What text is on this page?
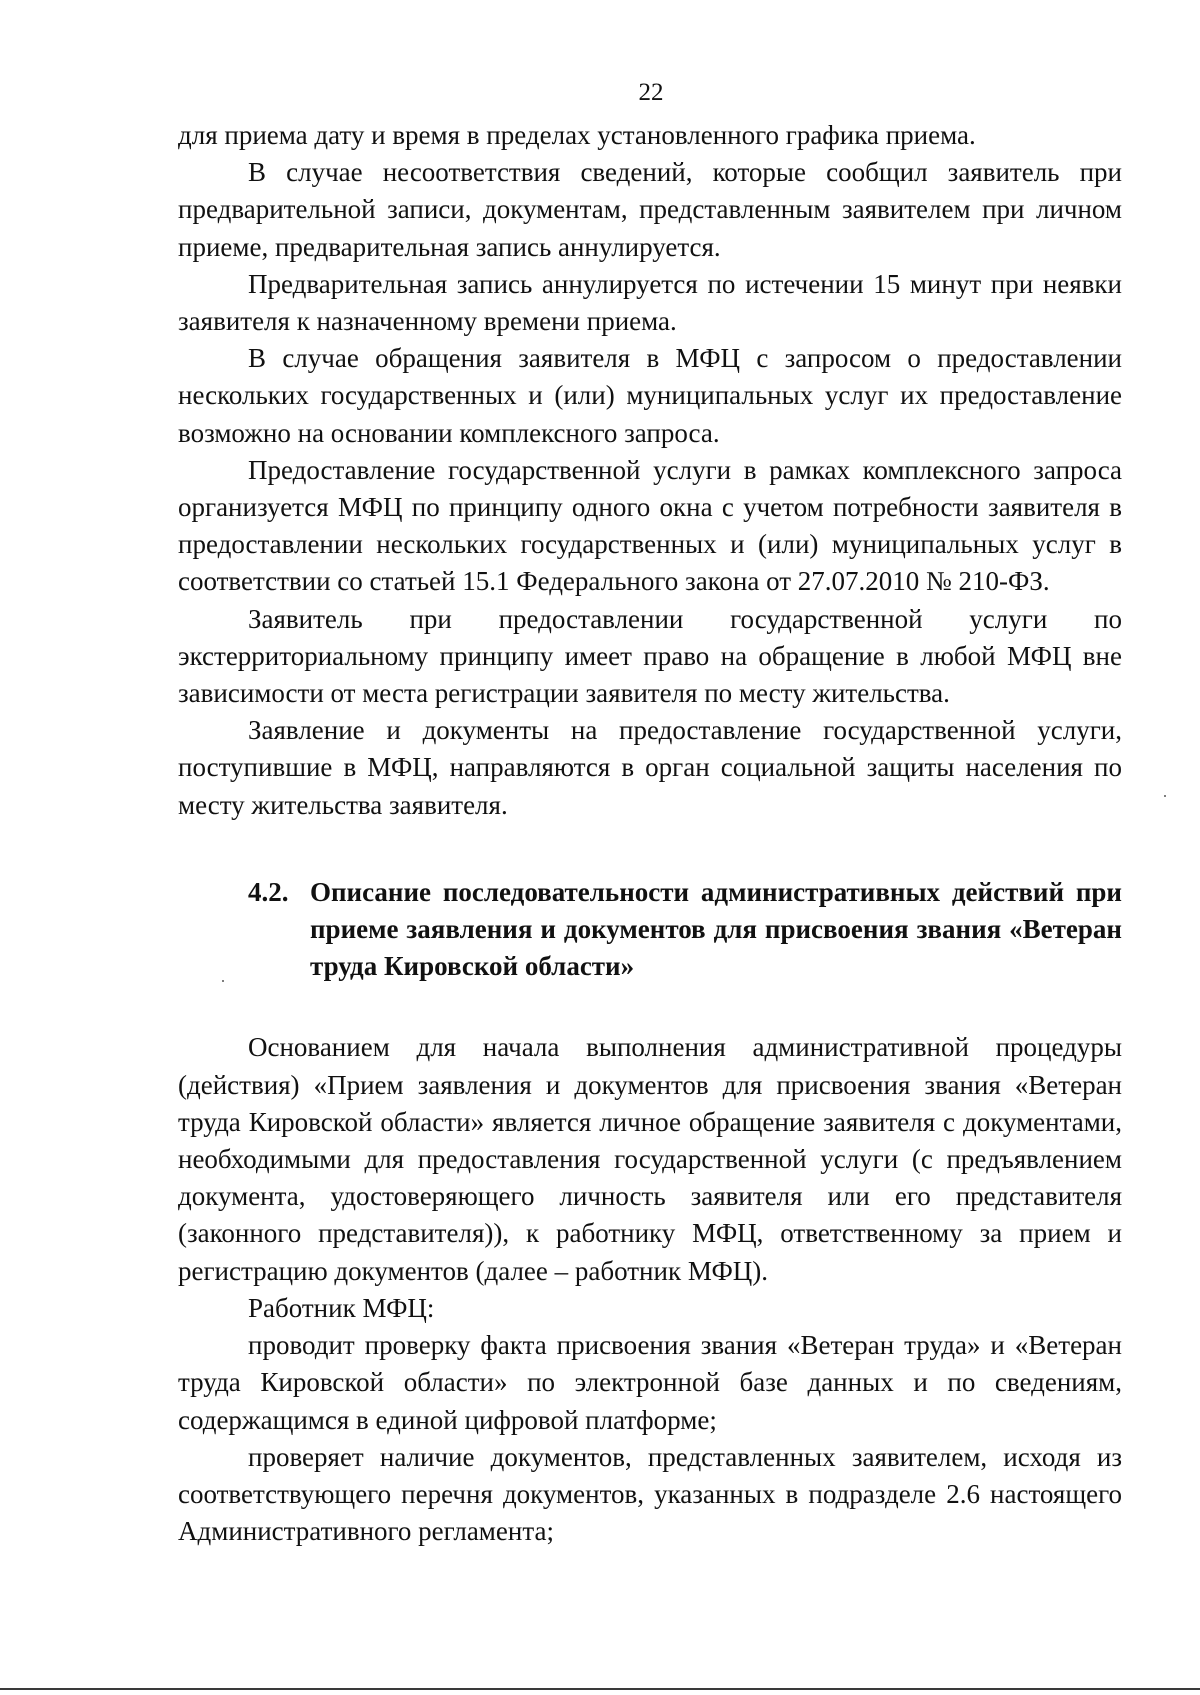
22

для приема дату и время в пределах установленного графика приема.

В случае несоответствия сведений, которые сообщил заявитель при предварительной записи, документам, представленным заявителем при личном приеме, предварительная запись аннулируется.

Предварительная запись аннулируется по истечении 15 минут при неявки заявителя к назначенному времени приема.

В случае обращения заявителя в МФЦ с запросом о предоставлении нескольких государственных и (или) муниципальных услуг их предоставление возможно на основании комплексного запроса.

Предоставление государственной услуги в рамках комплексного запроса организуется МФЦ по принципу одного окна с учетом потребности заявителя в предоставлении нескольких государственных и (или) муниципальных услуг в соответствии со статьей 15.1 Федерального закона от 27.07.2010 № 210-ФЗ.

Заявитель при предоставлении государственной услуги по экстерриториальному принципу имеет право на обращение в любой МФЦ вне зависимости от места регистрации заявителя по месту жительства.

Заявление и документы на предоставление государственной услуги, поступившие в МФЦ, направляются в орган социальной защиты населения по месту жительства заявителя.

4.2. Описание последовательности административных действий при приеме заявления и документов для присвоения звания «Ветеран труда Кировской области»

Основанием для начала выполнения административной процедуры (действия) «Прием заявления и документов для присвоения звания «Ветеран труда Кировской области» является личное обращение заявителя с документами, необходимыми для предоставления государственной услуги (с предъявлением документа, удостоверяющего личность заявителя или его представителя (законного представителя)), к работнику МФЦ, ответственному за прием и регистрацию документов (далее – работник МФЦ).

Работник МФЦ:

проводит проверку факта присвоения звания «Ветеран труда» и «Ветеран труда Кировской области» по электронной базе данных и по сведениям, содержащимся в единой цифровой платформе;

проверяет наличие документов, представленных заявителем, исходя из соответствующего перечня документов, указанных в подразделе 2.6 настоящего Административного регламента;
